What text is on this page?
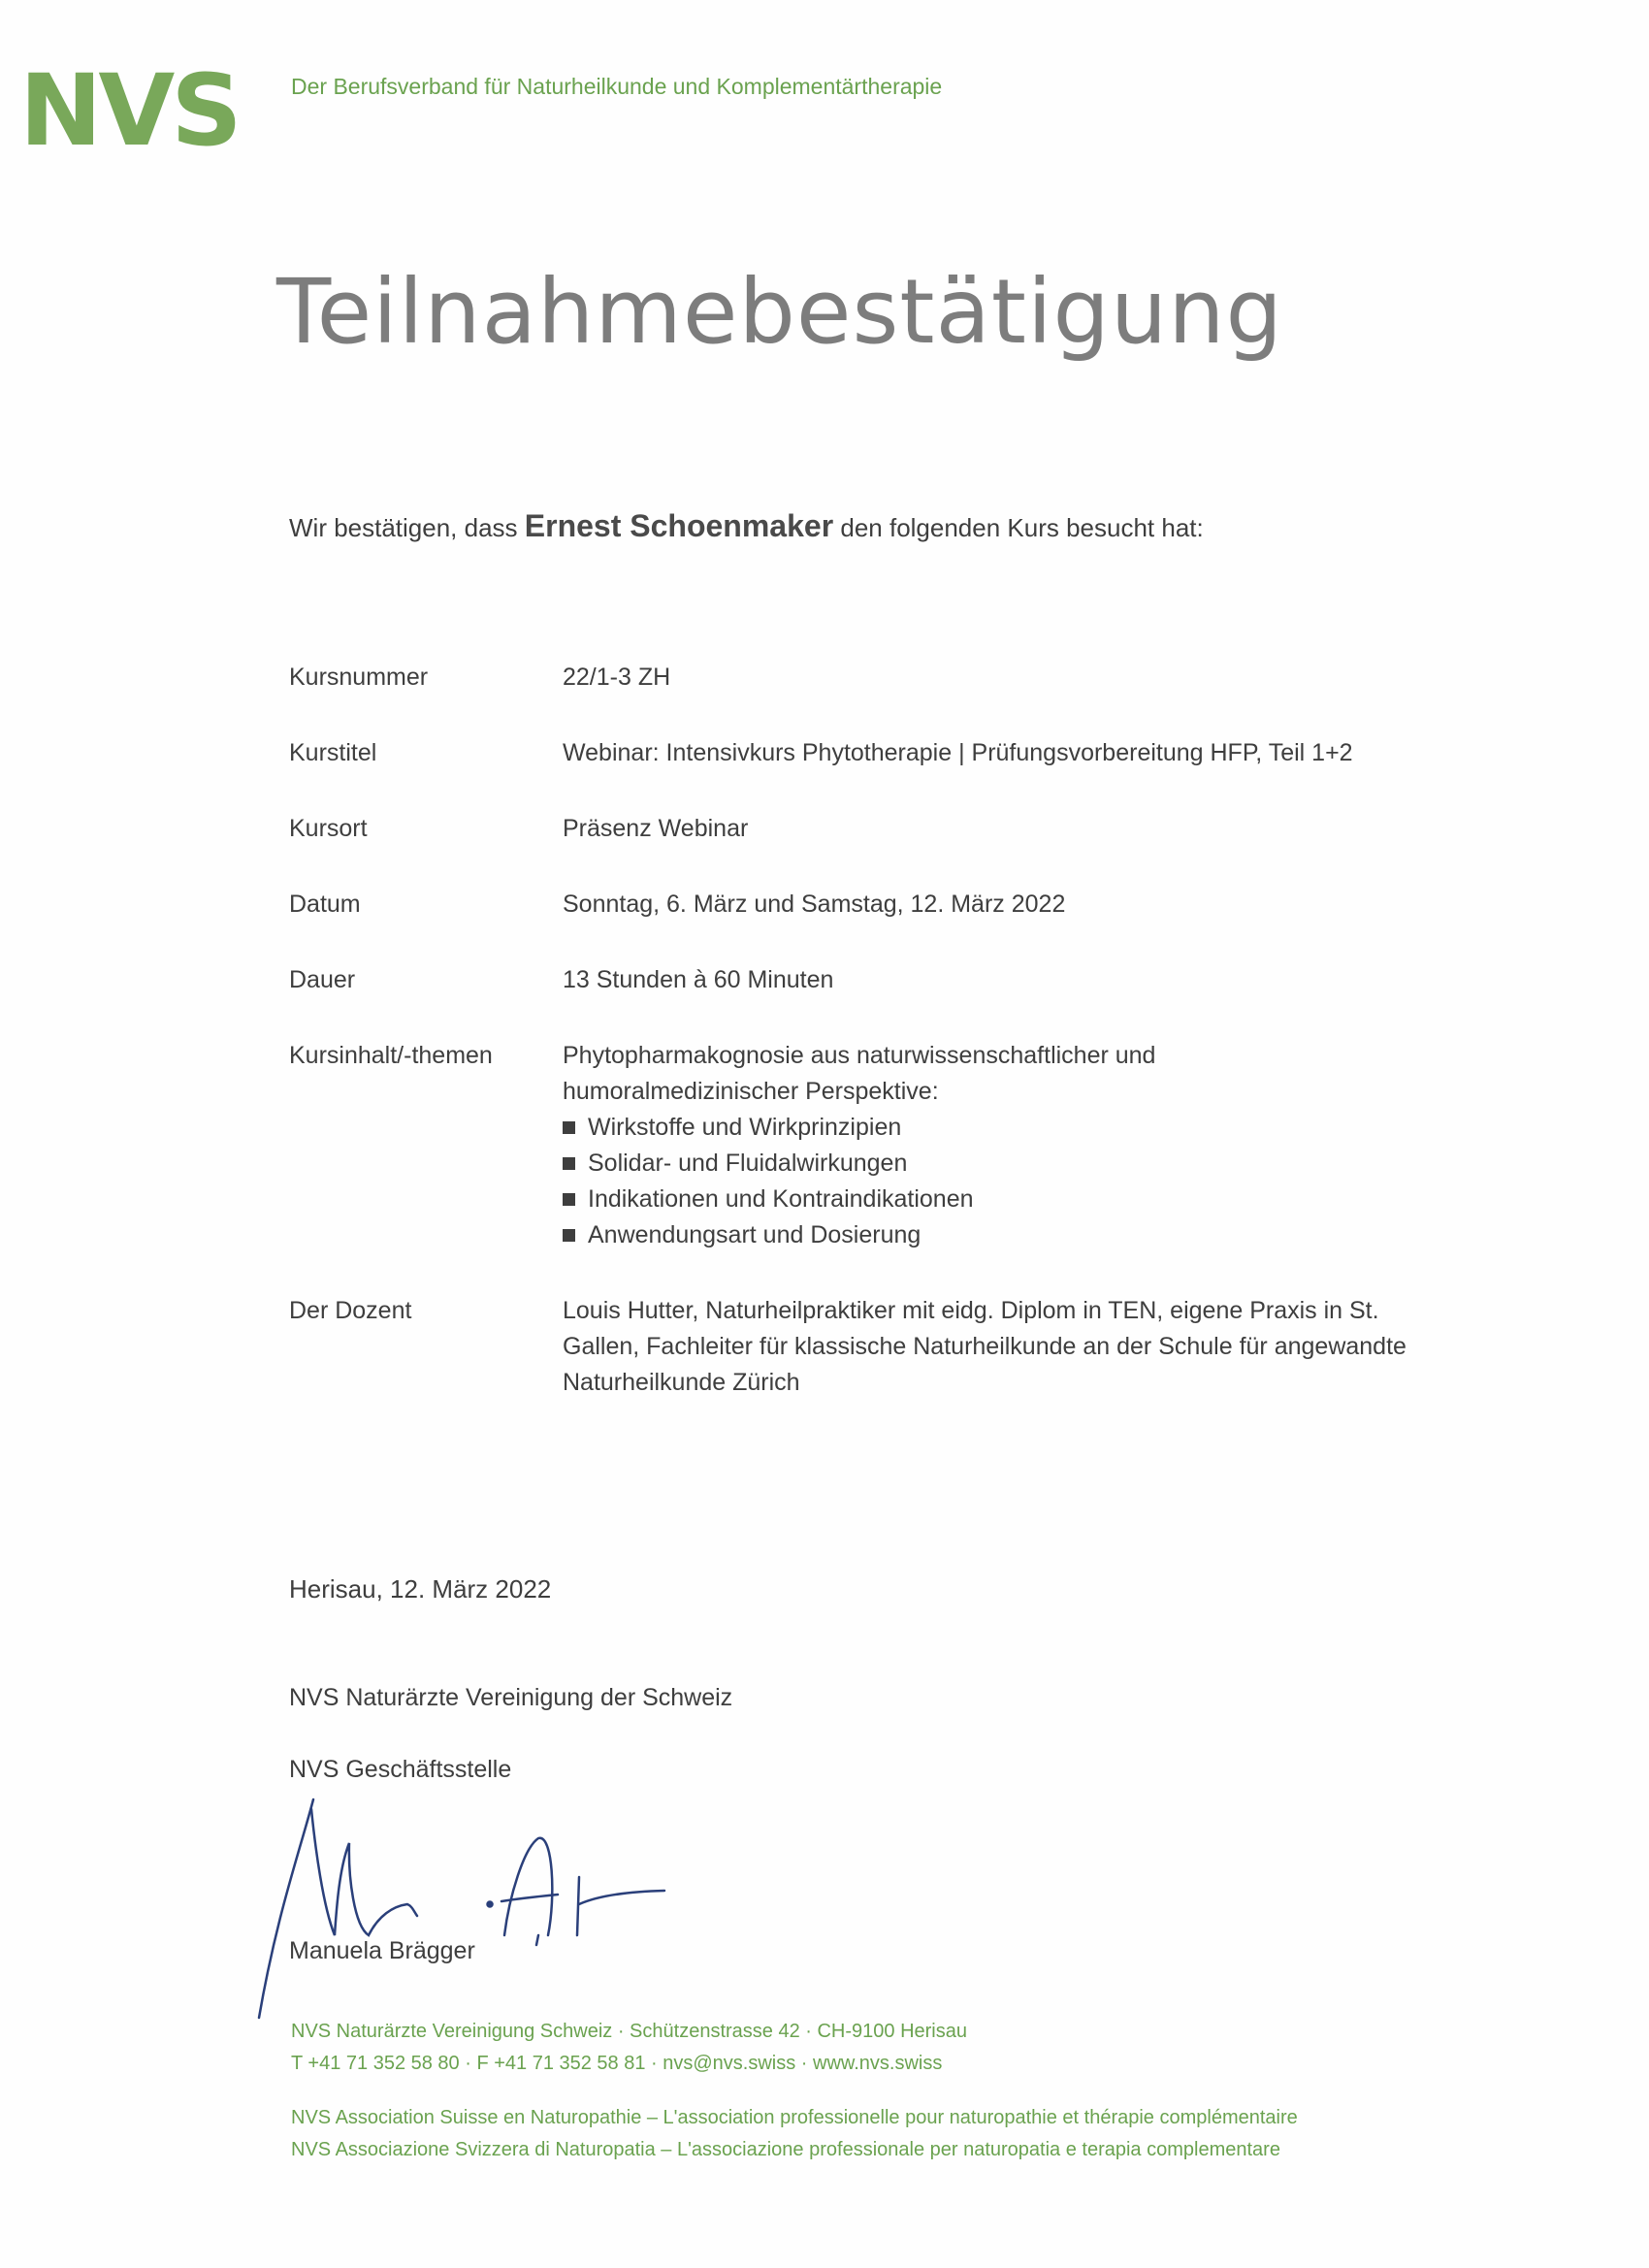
NVS Der Berufsverband für Naturheilkunde und Komplementärtherapie
Teilnahmebestätigung
Wir bestätigen, dass Ernest Schoenmaker den folgenden Kurs besucht hat:
Kursnummer	22/1-3 ZH
Kurstitel	Webinar: Intensivkurs Phytotherapie | Prüfungsvorbereitung HFP, Teil 1+2
Kursort	Präsenz Webinar
Datum	Sonntag, 6. März und Samstag, 12. März 2022
Dauer	13 Stunden à 60 Minuten
Kursinhalt/-themen	Phytopharmakognosie aus naturwissenschaftlicher und humoralmedizinischer Perspektive:
Wirkstoffe und Wirkprinzipien
Solidar- und Fluidalwirkungen
Indikationen und Kontraindikationen
Anwendungsart und Dosierung
Der Dozent	Louis Hutter, Naturheilpraktiker mit eidg. Diplom in TEN, eigene Praxis in St. Gallen, Fachleiter für klassische Naturheilkunde an der Schule für angewandte Naturheilkunde Zürich
Herisau, 12. März 2022
NVS Naturärzte Vereinigung der Schweiz
NVS Geschäftsstelle
Manuela Brägger
NVS Naturärzte Vereinigung Schweiz · Schützenstrasse 42 · CH-9100 Herisau
T +41 71 352 58 80 · F +41 71 352 58 81 · nvs@nvs.swiss · www.nvs.swiss
NVS Association Suisse en Naturopathie – L'association professionelle pour naturopathie et thérapie complémentaire
NVS Associazione Svizzera di Naturopatia – L'associazione professionale per naturopatia e terapia complementare
